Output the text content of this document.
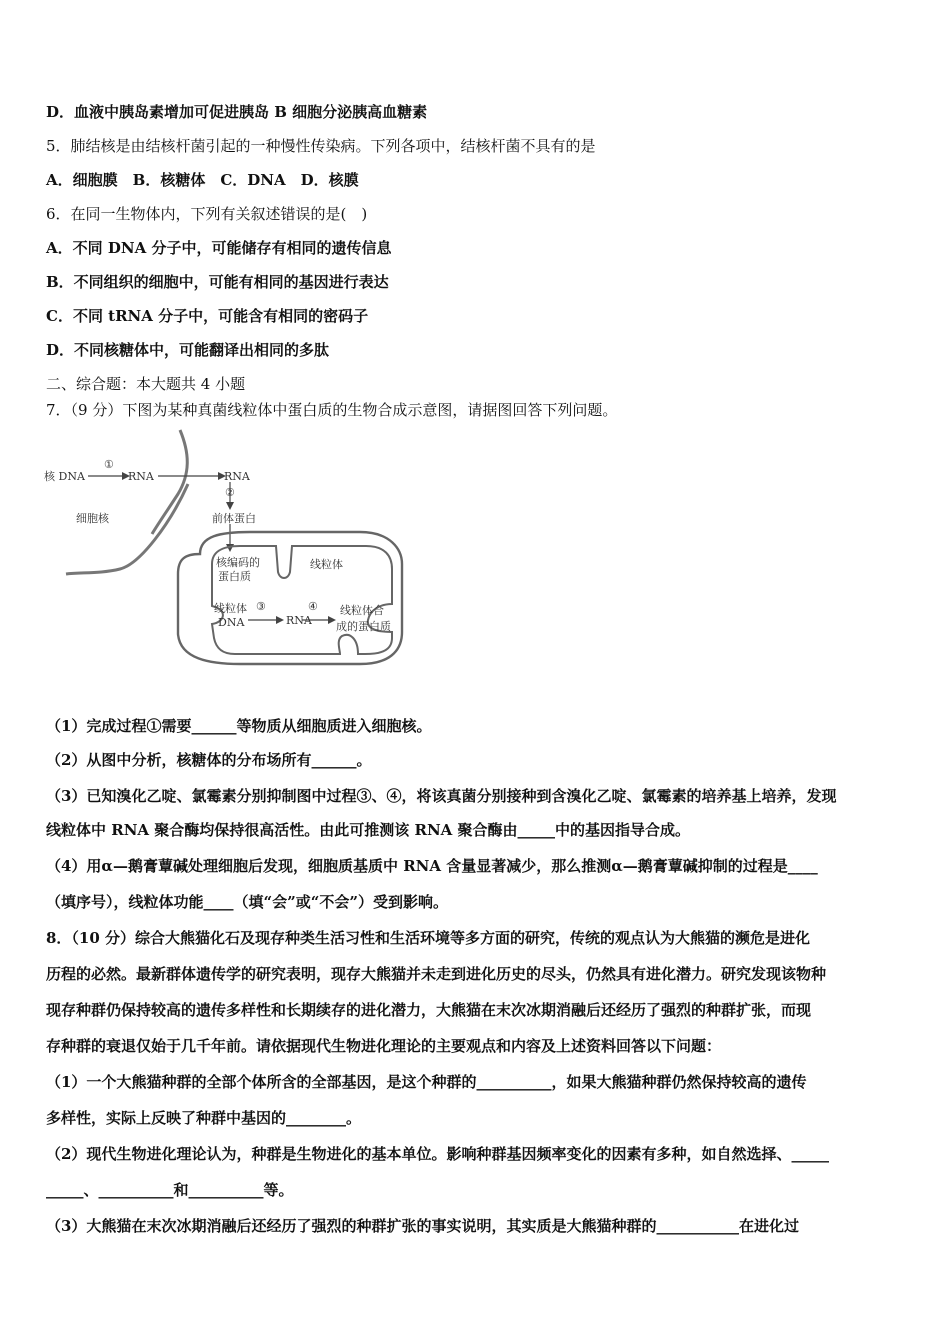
D．血液中胰岛素增加可促进胰岛 B 细胞分泌胰高血糖素
5．肺结核是由结核杆菌引起的一种慢性传染病。下列各项中，结核杆菌不具有的是
A．细胞膜　B．核糖体　C．DNA　D．核膜
6．在同一生物体内，下列有关叙述错误的是(　)
A．不同 DNA 分子中，可能储存有相同的遗传信息
B．不同组织的细胞中，可能有相同的基因进行表达
C．不同 tRNA 分子中，可能含有相同的密码子
D．不同核糖体中，可能翻译出相同的多肽
二、综合题：本大题共 4 小题
7．（9 分）下图为某种真菌线粒体中蛋白质的生物合成示意图，请据图回答下列问题。
核 DNA	RNA
①
RNA
②
细胞核	前体蛋白
核编码的
蛋白质
线粒体
线粒体
DNA
③
RNA
④ 线粒体合
成的蛋白质
（1）完成过程①需要______等物质从细胞质进入细胞核。
（2）从图中分析，核糖体的分布场所有______。
（3）已知溴化乙啶、氯霉素分别抑制图中过程③、④，将该真菌分别接种到含溴化乙啶、氯霉素的培养基上培养，发现
线粒体中 RNA 聚合酶均保持很高活性。由此可推测该 RNA 聚合酶由_____中的基因指导合成。
（4）用α—鹅膏蕈碱处理细胞后发现，细胞质基质中 RNA 含量显著减少，那么推测α—鹅膏蕈碱抑制的过程是____
（填序号），线粒体功能____（填“会”或“不会”）受到影响。
8．（10 分）综合大熊猫化石及现存种类生活习性和生活环境等多方面的研究，传统的观点认为大熊猫的濒危是进化
历程的必然。最新群体遗传学的研究表明，现存大熊猫并未走到进化历史的尽头，仍然具有进化潜力。研究发现该物种
现存种群仍保持较高的遗传多样性和长期续存的进化潜力，大熊猫在末次冰期消融后还经历了强烈的种群扩张，而现
存种群的衰退仅始于几千年前。请依据现代生物进化理论的主要观点和内容及上述资料回答以下问题：
（1）一个大熊猫种群的全部个体所含的全部基因，是这个种群的__________，如果大熊猫种群仍然保持较高的遗传
多样性，实际上反映了种群中基因的________。
（2）现代生物进化理论认为，种群是生物进化的基本单位。影响种群基因频率变化的因素有多种，如自然选择、_____
_____、__________和__________等。
（3）大熊猫在末次冰期消融后还经历了强烈的种群扩张的事实说明，其实质是大熊猫种群的___________在进化过
